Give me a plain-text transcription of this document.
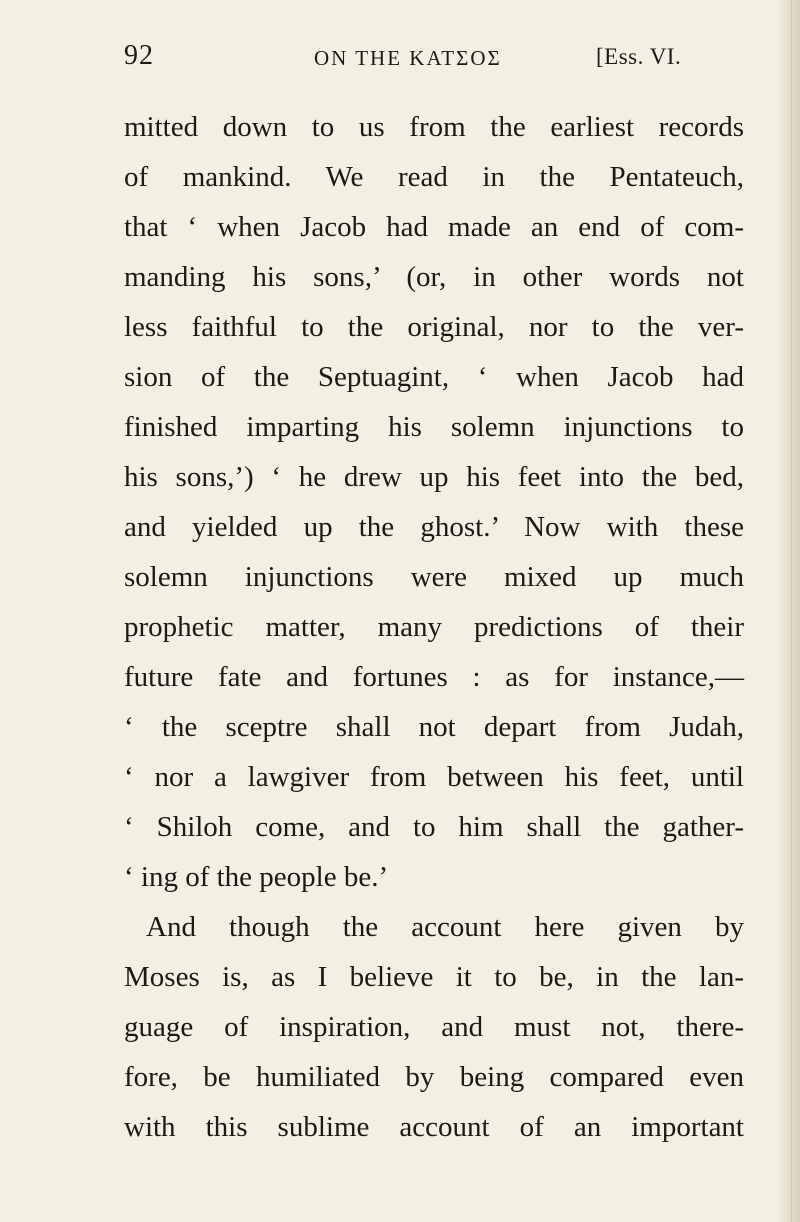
92	ON THE KATΣOΣ	[Ess. VI.
mitted down to us from the earliest records
of mankind. We read in the Pentateuch,
that ‘ when Jacob had made an end of com-
manding his sons,’ (or, in other words not
less faithful to the original, nor to the ver-
sion of the Septuagint, ‘ when Jacob had
finished imparting his solemn injunctions to
his sons,’) ‘ he drew up his feet into the bed,
and yielded up the ghost.’ Now with these
solemn injunctions were mixed up much
prophetic matter, many predictions of their
future fate and fortunes : as for instance,—
‘ the sceptre shall not depart from Judah,
‘ nor a lawgiver from between his feet, until
‘ Shiloh come, and to him shall the gather-
‘ ing of the people be.’
And though the account here given by
Moses is, as I believe it to be, in the lan-
guage of inspiration, and must not, there-
fore, be humiliated by being compared even
with this sublime account of an important
